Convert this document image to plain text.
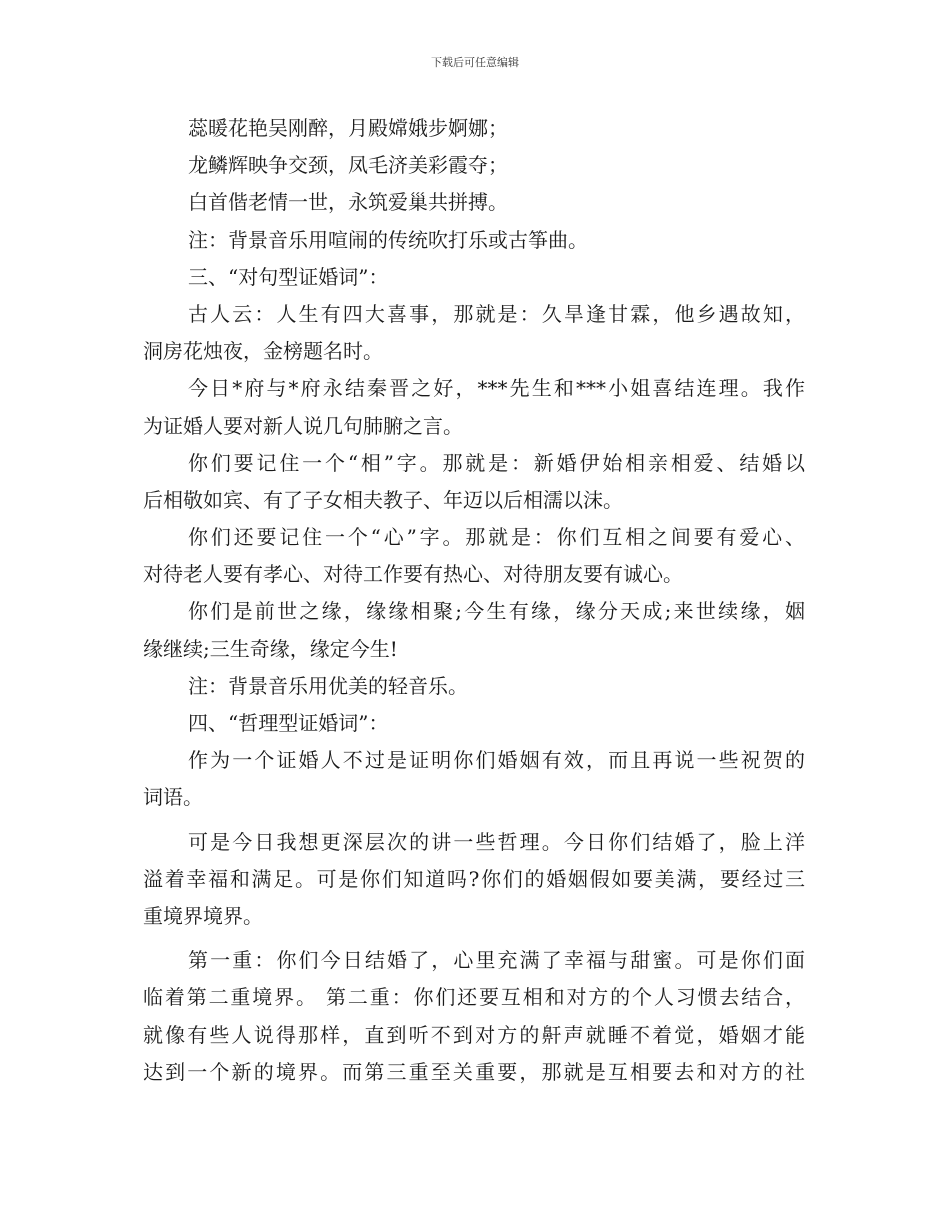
下载后可任意编辑
蕊暖花艳吴刚醉，月殿嫦娥步婀娜；
龙鳞辉映争交颈，凤毛济美彩霞夺；
白首偕老情一世，永筑爱巢共拼搏。
注：背景音乐用喧闹的传统吹打乐或古筝曲。
三、“对句型证婚词”：
古人云：人生有四大喜事，那就是：久旱逢甘霖，他乡遇故知，
洞房花烛夜，金榜题名时。
今日*府与*府永结秦晋之好，***先生和***小姐喜结连理。我作
为证婚人要对新人说几句肺腑之言。
你们要记住一个“相”字。那就是：新婚伊始相亲相爱、结婚以
后相敬如宾、有了子女相夫教子、年迈以后相濡以沫。
你们还要记住一个“心”字。那就是：你们互相之间要有爱心、
对待老人要有孝心、对待工作要有热心、对待朋友要有诚心。
你们是前世之缘，缘缘相聚;今生有缘，缘分天成;来世续缘，姻
缘继续;三生奇缘，缘定今生!
注：背景音乐用优美的轻音乐。
四、“哲理型证婚词”：
作为一个证婚人不过是证明你们婚姻有效，而且再说一些祝贺的
词语。
可是今日我想更深层次的讲一些哲理。今日你们结婚了，脸上洋
溢着幸福和满足。可是你们知道吗?你们的婚姻假如要美满，要经过三
重境界境界。
第一重：你们今日结婚了，心里充满了幸福与甜蜜。可是你们面
临着第二重境界。 第二重：你们还要互相和对方的个人习惯去结合，
就像有些人说得那样，直到听不到对方的鼾声就睡不着觉，婚姻才能
达到一个新的境界。而第三重至关重要，那就是互相要去和对方的社
